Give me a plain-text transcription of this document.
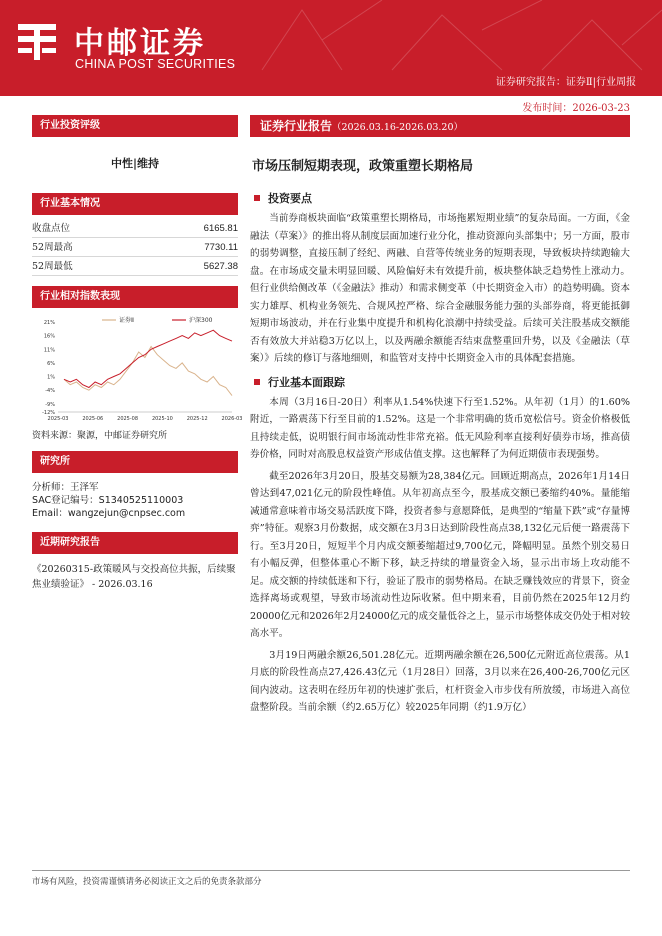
中邮证券
CHINA POST SECURITIES
证券研究报告：证券Ⅱ|行业周报
发布时间：2026-03-23
行业投资评级
中性|维持
行业基本情况
收盘点位	6165.81
52周最高	7730.11
52周最低	5627.38
行业相对指数表现
21%
16%
11%
6%
1%
-4%
-9%
-12%
2025-03	2025-06	2025-08	2025-10	2025-12	2026-03
证券Ⅱ	沪深300
资料来源：聚源，中邮证券研究所
研究所
分析师：王泽军
SAC登记编号：S1340525110003
Email：wangzejun@cnpsec.com
近期研究报告
《20260315-政策暖风与交投高位共振，后续聚焦业绩验证》 - 2026.03.16
证券行业报告（2026.03.16-2026.03.20）
市场压制短期表现，政策重塑长期格局
投资要点

当前券商板块面临“政策重塑长期格局，市场拖累短期业绩”的复杂局面。一方面，《金融法（草案）》的推出将从制度层面加速行业分化，推动资源向头部集中；另一方面，股市的弱势调整，直接压制了经纪、两融、自营等传统业务的短期表现，导致板块持续跑输大盘。在市场成交量未明显回暖、风险偏好未有效提升前，板块整体缺乏趋势性上涨动力。但行业供给侧改革（《金融法》推动）和需求侧变革（中长期资金入市）的趋势明确。资本实力雄厚、机构业务领先、合规风控严格、综合金融服务能力强的头部券商，将更能抵御短期市场波动，并在行业集中度提升和机构化浪潮中持续受益。后续可关注股基成交额能否有效放大并站稳3万亿以上，以及两融余额能否结束盘整重回升势，以及《金融法（草案）》后续的修订与落地细则，和监管对支持中长期资金入市的具体配套措施。

行业基本面跟踪

本周（3月16日-20日）利率从1.54%快速下行至1.52%。从年初（1月）的1.60%附近，一路震荡下行至目前的1.52%。这是一个非常明确的货币宽松信号。资金价格极低且持续走低，说明银行间市场流动性非常充裕。低无风险利率直接利好债券市场，推高债券价格，同时对高股息权益资产形成估值支撑。这也解释了为何近期债市表现强势。

截至2026年3月20日，股基交易额为28,384亿元。回顾近期高点，2026年1月14日曾达到47,021亿元的阶段性峰值。从年初高点至今，股基成交额已萎缩约40%。量能缩减通常意味着市场交易活跃度下降，投资者参与意愿降低，是典型的“缩量下跌”或“存量博弈”特征。观察3月份数据，成交额在3月3日达到阶段性高点38,132亿元后便一路震荡下行。至3月20日，短短半个月内成交额萎缩超过9,700亿元，降幅明显。虽然个别交易日有小幅反弹，但整体重心不断下移，缺乏持续的增量资金入场，显示出市场上攻动能不足。成交额的持续低迷和下行，验证了股市的弱势格局。在缺乏赚钱效应的背景下，资金选择离场或观望，导致市场流动性边际收紧。但中期来看，目前仍然在2025年12月约20000亿元和2026年2月24000亿元的成交量低谷之上，显示市场整体成交仍处于相对较高水平。

3月19日两融余额26,501.28亿元。近期两融余额在26,500亿元附近高位震荡。从1月底的阶段性高点27,426.43亿元（1月28日）回落，3月以来在26,400-26,700亿元区间内波动。这表明在经历年初的快速扩张后，杠杆资金入市步伐有所放缓，市场进入高位盘整阶段。当前余额（约2.65万亿）较2025年同期（约1.9万亿）

市场有风险，投资需谨慎请务必阅读正文之后的免责条款部分
